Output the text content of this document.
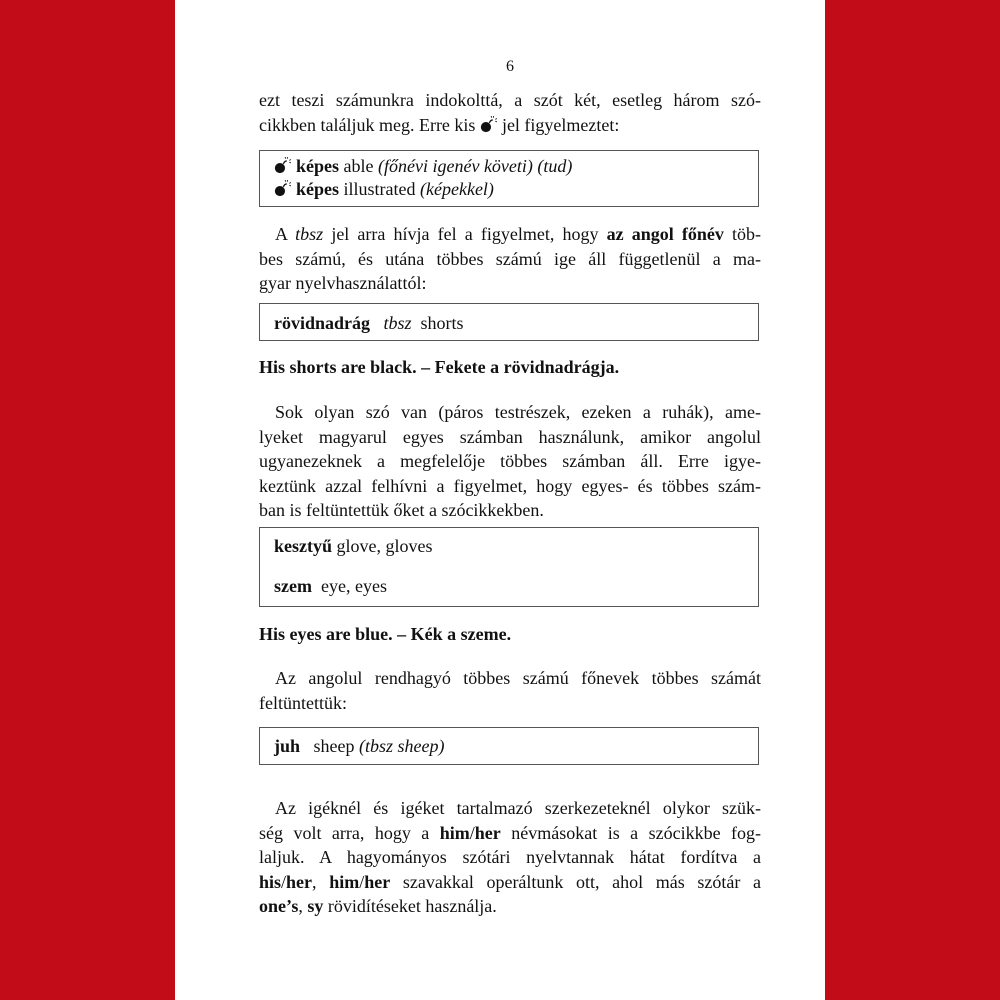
6
ezt teszi számunkra indokolttá, a szót két, esetleg három szó-
cikkben találjuk meg. Erre kis jel figyelmeztet:
képes able (főnévi igenév követi) (tud)
képes illustrated (képekkel)
A tbsz jel arra hívja fel a figyelmet, hogy az angol főnév töb-
bes számú, és utána többes számú ige áll függetlenül a ma-
gyar nyelvhasználattól:
rövidnadrág tbsz shorts
His shorts are black. – Fekete a rövidnadrágja.
Sok olyan szó van (páros testrészek, ezeken a ruhák), ame-
lyeket magyarul egyes számban használunk, amikor angolul
ugyanezeknek a megfelelője többes számban áll. Erre igye-
keztünk azzal felhívni a figyelmet, hogy egyes- és többes szám-
ban is feltüntettük őket a szócikkekben.
kesztyű glove, gloves
szem eye, eyes
His eyes are blue. – Kék a szeme.
Az angolul rendhagyó többes számú főnevek többes számát
feltüntettük:
juh sheep (tbsz sheep)
Az igéknél és igéket tartalmazó szerkezeteknél olykor szük-
ség volt arra, hogy a him/her névmásokat is a szócikkbe fog-
laljuk. A hagyományos szótári nyelvtannak hátat fordítva a
his/her, him/her szavakkal operáltunk ott, ahol más szótár a
one’s, sy rövidítéseket használja.
